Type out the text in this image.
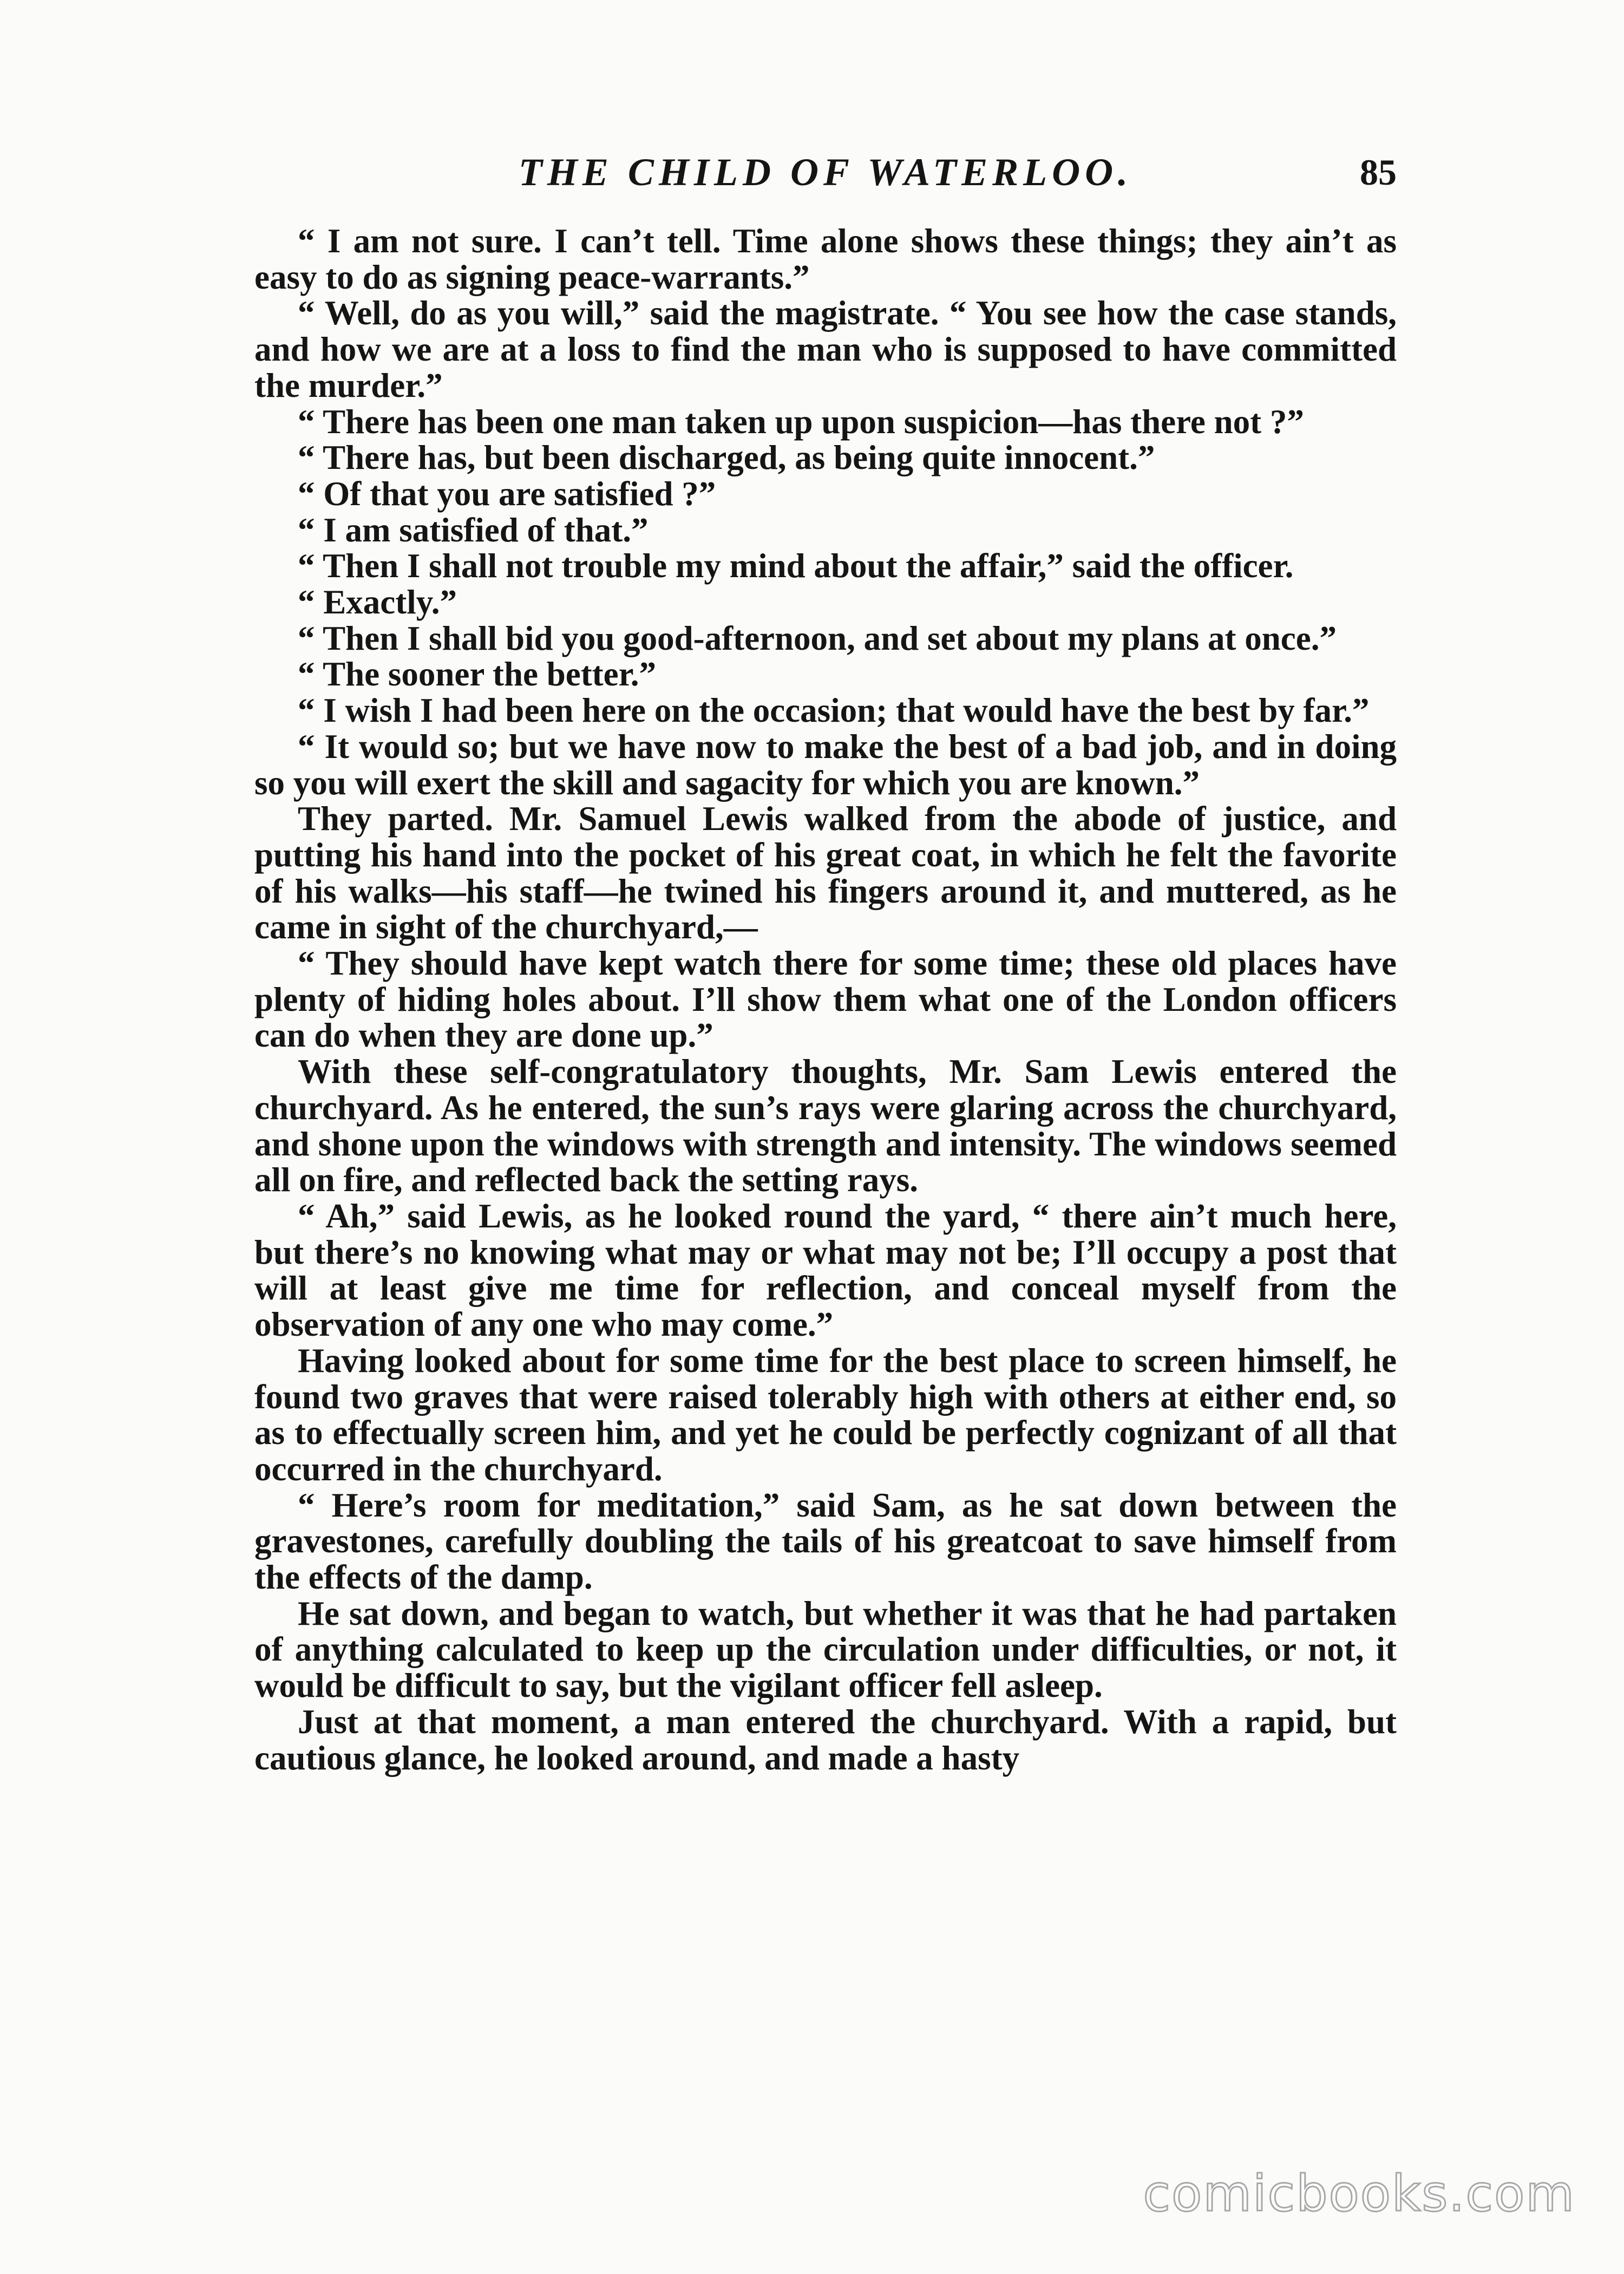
THE CHILD OF WATERLOO.	85

“ I am not sure. I can’t tell. Time alone shows these things; they ain’t as easy to do as signing peace-warrants.”

“ Well, do as you will,” said the magistrate. “ You see how the case stands, and how we are at a loss to find the man who is supposed to have committed the murder.”

“ There has been one man taken up upon suspicion—has there not ?”

“ There has, but been discharged, as being quite innocent.”

“ Of that you are satisfied ?”

“ I am satisfied of that.”

“ Then I shall not trouble my mind about the affair,” said the officer.

“ Exactly.”

“ Then I shall bid you good-afternoon, and set about my plans at once.”

“ The sooner the better.”

“ I wish I had been here on the occasion; that would have the best by far.”

“ It would so; but we have now to make the best of a bad job, and in doing so you will exert the skill and sagacity for which you are known.”

They parted. Mr. Samuel Lewis walked from the abode of justice, and putting his hand into the pocket of his great coat, in which he felt the favorite of his walks—his staff—he twined his fingers around it, and muttered, as he came in sight of the churchyard,—

“ They should have kept watch there for some time; these old places have plenty of hiding holes about. I’ll show them what one of the London officers can do when they are done up.”

With these self-congratulatory thoughts, Mr. Sam Lewis entered the churchyard. As he entered, the sun’s rays were glaring across the churchyard, and shone upon the windows with strength and intensity. The windows seemed all on fire, and reflected back the setting rays.

“ Ah,” said Lewis, as he looked round the yard, “ there ain’t much here, but there’s no knowing what may or what may not be; I’ll occupy a post that will at least give me time for reflection, and conceal myself from the observation of any one who may come.”

Having looked about for some time for the best place to screen himself, he found two graves that were raised tolerably high with others at either end, so as to effectually screen him, and yet he could be perfectly cognizant of all that occurred in the churchyard.

“ Here’s room for meditation,” said Sam, as he sat down between the gravestones, carefully doubling the tails of his greatcoat to save himself from the effects of the damp.

He sat down, and began to watch, but whether it was that he had partaken of anything calculated to keep up the circulation under difficulties, or not, it would be difficult to say, but the vigilant officer fell asleep.

Just at that moment, a man entered the churchyard. With a rapid, but cautious glance, he looked around, and made a hasty

comicbooks.com
